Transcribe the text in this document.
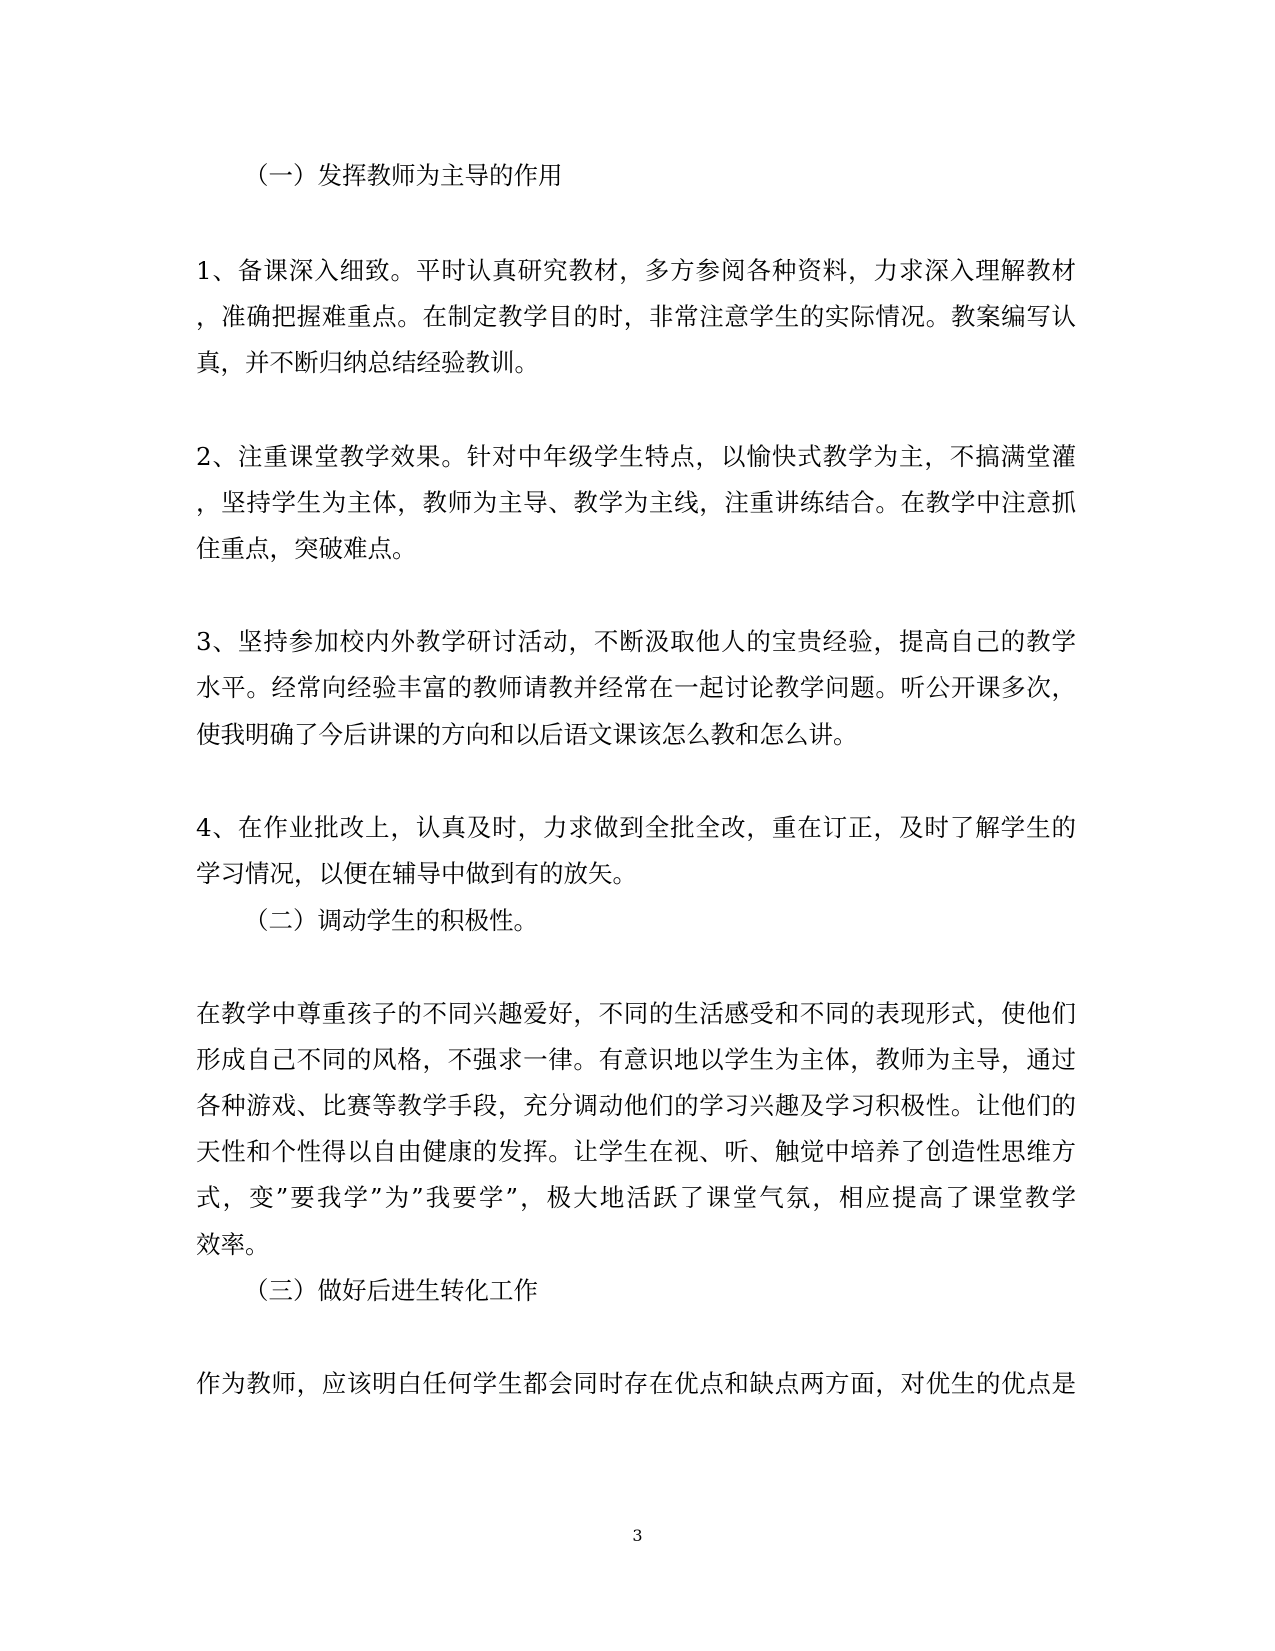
（一）发挥教师为主导的作用
1、备课深入细致。平时认真研究教材，多方参阅各种资料，力求深入理解教材
，准确把握难重点。在制定教学目的时，非常注意学生的实际情况。教案编写认
真，并不断归纳总结经验教训。
2、注重课堂教学效果。针对中年级学生特点，以愉快式教学为主，不搞满堂灌
，坚持学生为主体，教师为主导、教学为主线，注重讲练结合。在教学中注意抓
住重点，突破难点。
3、坚持参加校内外教学研讨活动，不断汲取他人的宝贵经验，提高自己的教学
水平。经常向经验丰富的教师请教并经常在一起讨论教学问题。听公开课多次，
使我明确了今后讲课的方向和以后语文课该怎么教和怎么讲。
4、在作业批改上，认真及时，力求做到全批全改，重在订正，及时了解学生的
学习情况，以便在辅导中做到有的放矢。
（二）调动学生的积极性。
在教学中尊重孩子的不同兴趣爱好，不同的生活感受和不同的表现形式，使他们
形成自己不同的风格，不强求一律。有意识地以学生为主体，教师为主导，通过
各种游戏、比赛等教学手段，充分调动他们的学习兴趣及学习积极性。让他们的
天性和个性得以自由健康的发挥。让学生在视、听、触觉中培养了创造性思维方
式，变”要我学”为”我要学”，极大地活跃了课堂气氛，相应提高了课堂教学
效率。
（三）做好后进生转化工作
作为教师，应该明白任何学生都会同时存在优点和缺点两方面，对优生的优点是
3
